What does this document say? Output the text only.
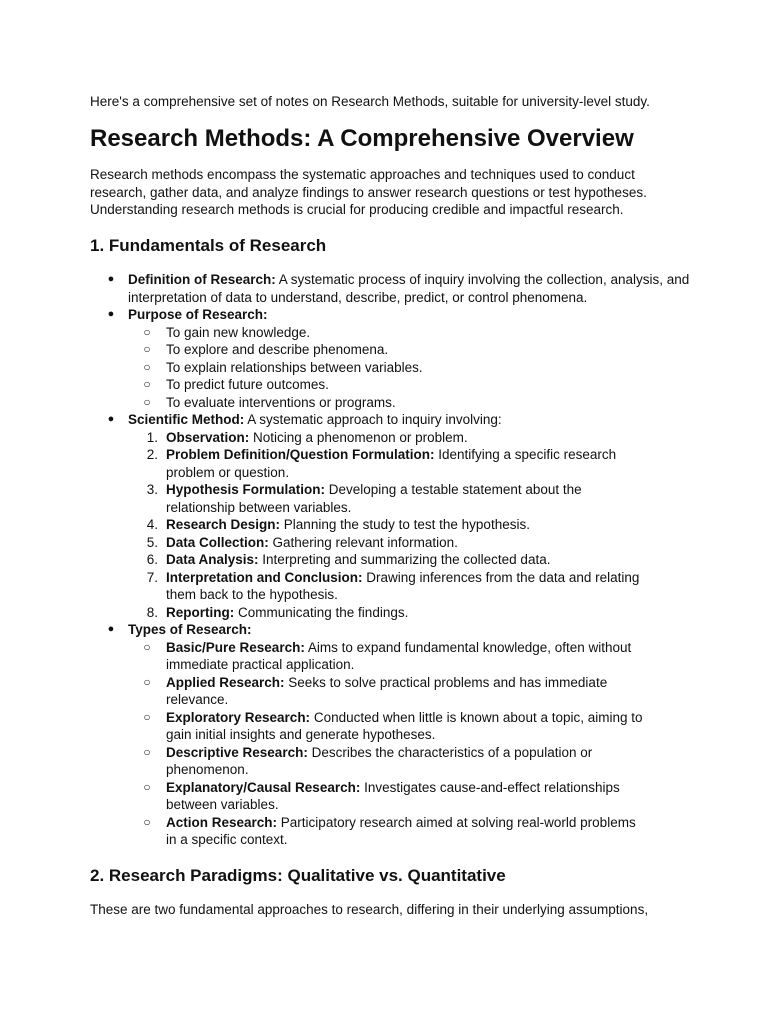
Here's a comprehensive set of notes on Research Methods, suitable for university-level study.

Research Methods: A Comprehensive Overview

Research methods encompass the systematic approaches and techniques used to conduct research, gather data, and analyze findings to answer research questions or test hypotheses. Understanding research methods is crucial for producing credible and impactful research.

1. Fundamentals of Research
● Definition of Research: A systematic process of inquiry involving the collection, analysis, and interpretation of data to understand, describe, predict, or control phenomena.
● Purpose of Research:
○ To gain new knowledge.
○ To explore and describe phenomena.
○ To explain relationships between variables.
○ To predict future outcomes.
○ To evaluate interventions or programs.
● Scientific Method: A systematic approach to inquiry involving:
1. Observation: Noticing a phenomenon or problem.
2. Problem Definition/Question Formulation: Identifying a specific research problem or question.
3. Hypothesis Formulation: Developing a testable statement about the relationship between variables.
4. Research Design: Planning the study to test the hypothesis.
5. Data Collection: Gathering relevant information.
6. Data Analysis: Interpreting and summarizing the collected data.
7. Interpretation and Conclusion: Drawing inferences from the data and relating them back to the hypothesis.
8. Reporting: Communicating the findings.
● Types of Research:
○ Basic/Pure Research: Aims to expand fundamental knowledge, often without immediate practical application.
○ Applied Research: Seeks to solve practical problems and has immediate relevance.
○ Exploratory Research: Conducted when little is known about a topic, aiming to gain initial insights and generate hypotheses.
○ Descriptive Research: Describes the characteristics of a population or phenomenon.
○ Explanatory/Causal Research: Investigates cause-and-effect relationships between variables.
○ Action Research: Participatory research aimed at solving real-world problems in a specific context.
2. Research Paradigms: Qualitative vs. Quantitative

These are two fundamental approaches to research, differing in their underlying assumptions,
